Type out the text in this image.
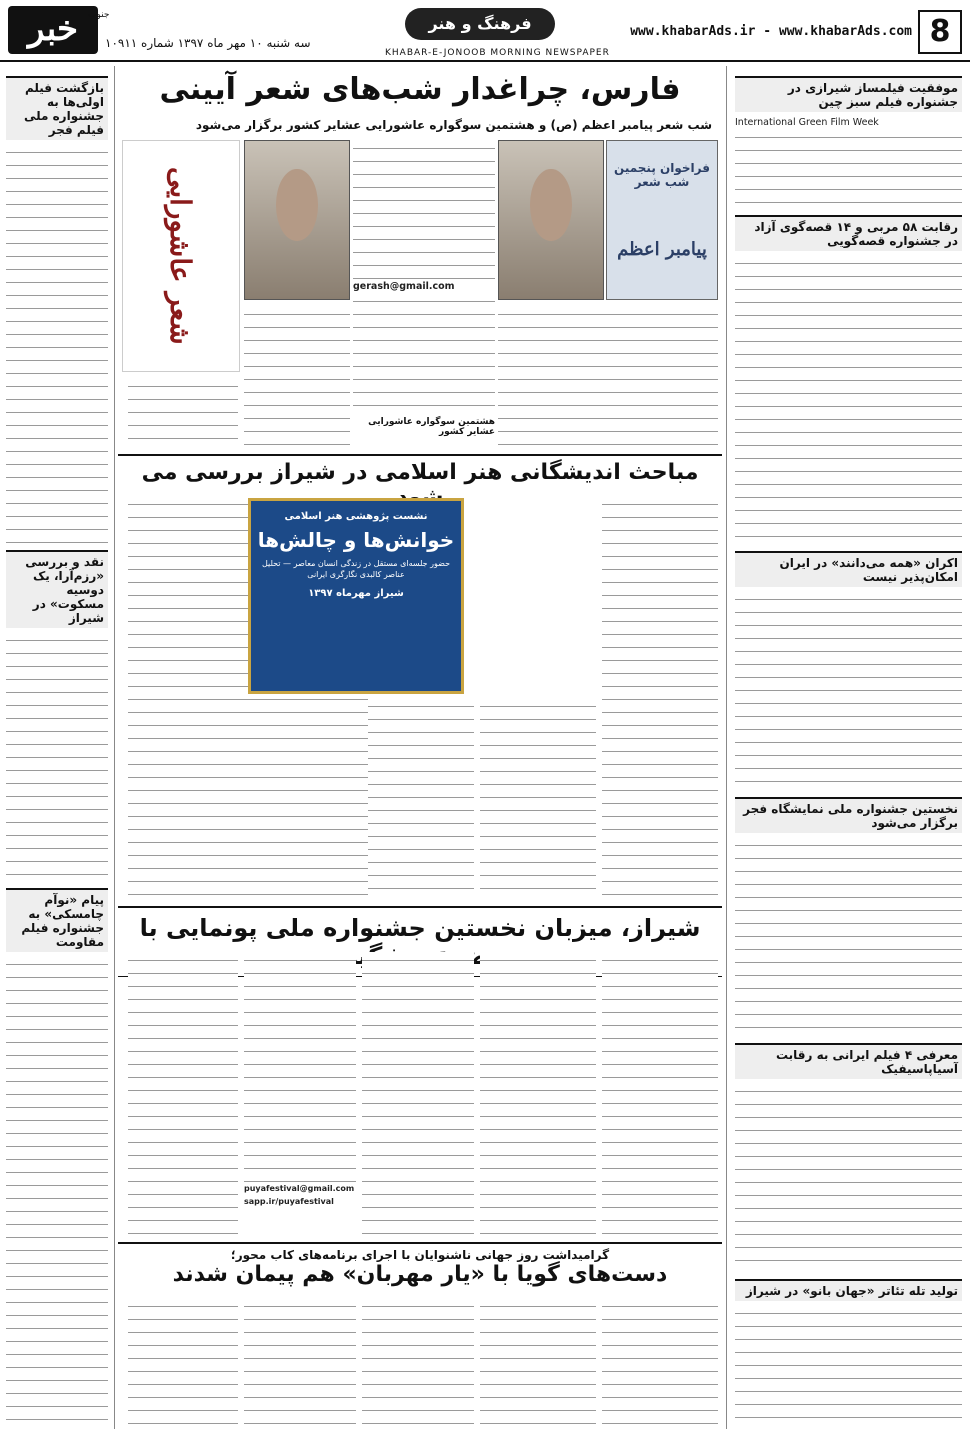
8
www.khabarAds.ir - www.khabarAds.com
فرهنگ و هنر
KHABAR-E-JONOOB MORNING NEWSPAPER
سه شنبه ۱۰ مهر ماه ۱۳۹۷ شماره ۱۰۹۱۱
خبر	جنوب
موفقیت فیلمساز شیرازی در جشنواره فیلم سبز چین
International Green Film Week
رقابت ۵۸ مربی و ۱۴ قصه‌گوی آزاد در جشنواره قصه‌گویی
اکران «همه می‌دانند» در ایران امکان‌پذیر نیست
نخستین جشنواره ملی نمایشگاه فجر برگزار می‌شود
معرفی ۴ فیلم ایرانی به رقابت آسیاپاسیفیک
تولید تله تئاتر «جهان بانو» در شیراز
بازگشت فیلم اولی‌ها به جشنواره ملی فیلم فجر
نقد و بررسی «رزم‌آرا، یک دوسیه مسکوت» در شیراز
پیام «نوآم چامسکی» به جشنواره فیلم مقاومت
فارس، چراغدار شب‌های شعر آیینی
شب شعر پیامبر اعظم (ص) و هشتمین سوگواره عاشورایی عشایر کشور برگزار می‌شود
فراخوان پنجمین شب شعر
پیامبر اعظم
gerash@gmail.com
هشتمین سوگواره عاشورایی عشایر کشور
شعر عاشورایی
مباحث اندیشگانی هنر اسلامی در شیراز بررسی می
نشست پژوهشی هنر اسلامی
خوانش‌ها و چالش‌ها
حضور جلسه‌ای مستقل در زندگی انسان معاصر — تحلیل عناصر کالبدی نگارگری ایرانی
شیراز مهرماه ۱۳۹۷
شیراز، میزبان نخستین جشنواره ملی پونمایی با موضوع
puyafestival@gmail.com
sapp.ir/puyafestival
گرامیداشت روز جهانی ناشنوایان با اجرای برنامه‌های کاب محور؛
دست‌های گویا با «یار مهربان» هم پیمان شدند
